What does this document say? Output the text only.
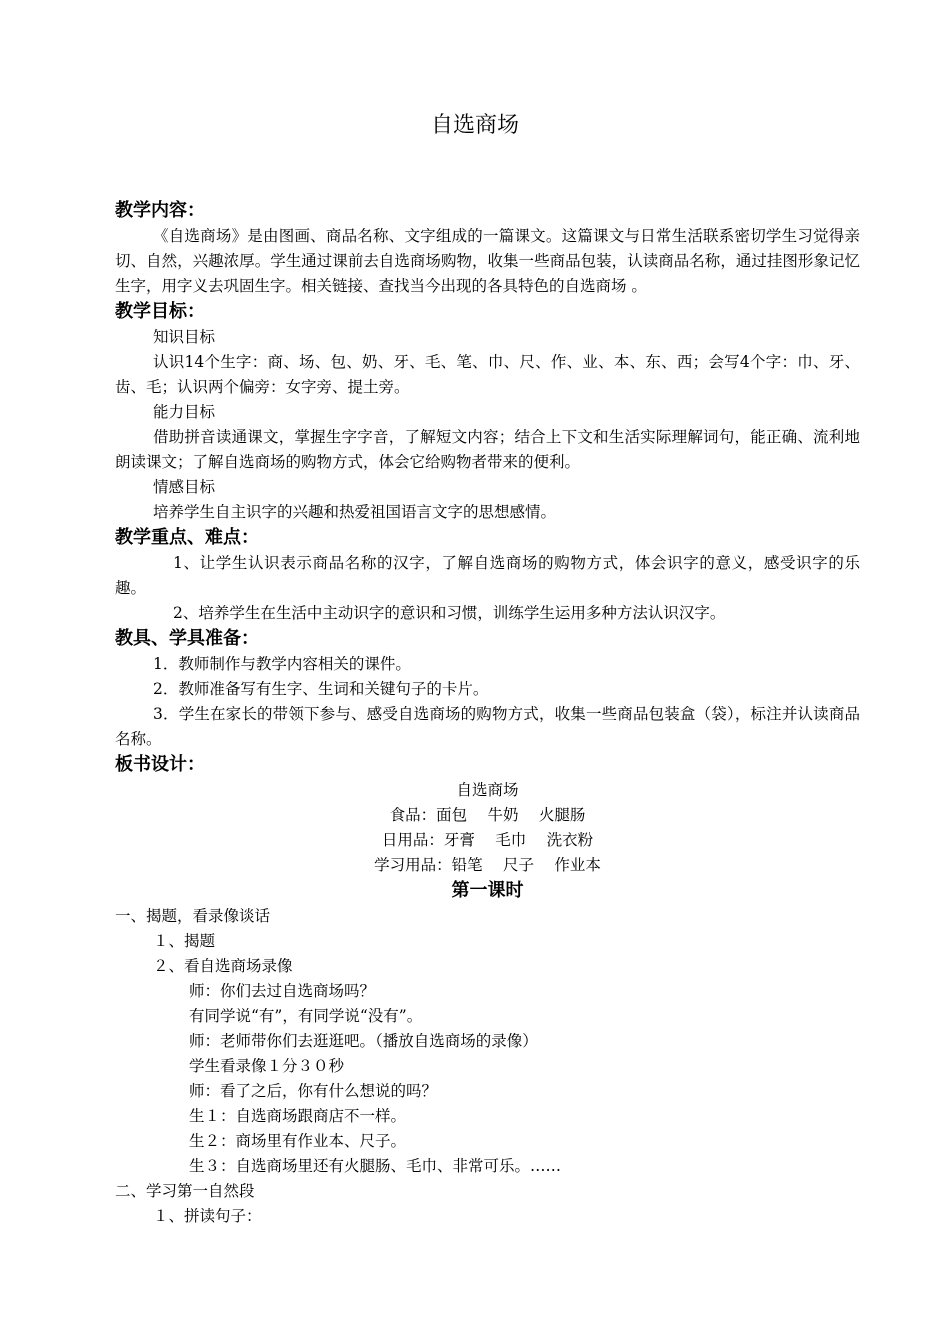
自选商场

教学内容：

《自选商场》是由图画、商品名称、文字组成的一篇课文。这篇课文与日常生活联系密切学生习觉得亲切、自然，兴趣浓厚。学生通过课前去自选商场购物，收集一些商品包装，认读商品名称，通过挂图形象记忆生字，用字义去巩固生字。相关链接、查找当今出现的各具特色的自选商场 。

教学目标：

知识目标

认识14个生字：商、场、包、奶、牙、毛、笔、巾、尺、作、业、本、东、西；会写4个字：巾、牙、齿、毛；认识两个偏旁：女字旁、提土旁。

能力目标

借助拼音读通课文，掌握生字字音，了解短文内容；结合上下文和生活实际理解词句，能正确、流利地朗读课文；了解自选商场的购物方式，体会它给购物者带来的便利。

情感目标

培养学生自主识字的兴趣和热爱祖国语言文字的思想感情。

教学重点、难点：

1、让学生认识表示商品名称的汉字，了解自选商场的购物方式，体会识字的意义，感受识字的乐趣。

2、培养学生在生活中主动识字的意识和习惯，训练学生运用多种方法认识汉字。

教具、学具准备：

1．教师制作与教学内容相关的课件。

2．教师准备写有生字、生词和关键句子的卡片。

3．学生在家长的带领下参与、感受自选商场的购物方式，收集一些商品包装盒（袋），标注并认读商品名称。

板书设计：

自选商场

食品：面包　 牛奶　 火腿肠

日用品：牙膏　 毛巾　 洗衣粉

学习用品：铅笔　 尺子　 作业本

第一课时

一、揭题，看录像谈话

１、揭题

２、看自选商场录像

师：你们去过自选商场吗？

有同学说“有”，有同学说“没有”。

师：老师带你们去逛逛吧。（播放自选商场的录像）

学生看录像１分３０秒

师：看了之后，你有什么想说的吗？

生１：自选商场跟商店不一样。

生２：商场里有作业本、尺子。

生３：自选商场里还有火腿肠、毛巾、非常可乐。……

二、学习第一自然段

１、拼读句子：
